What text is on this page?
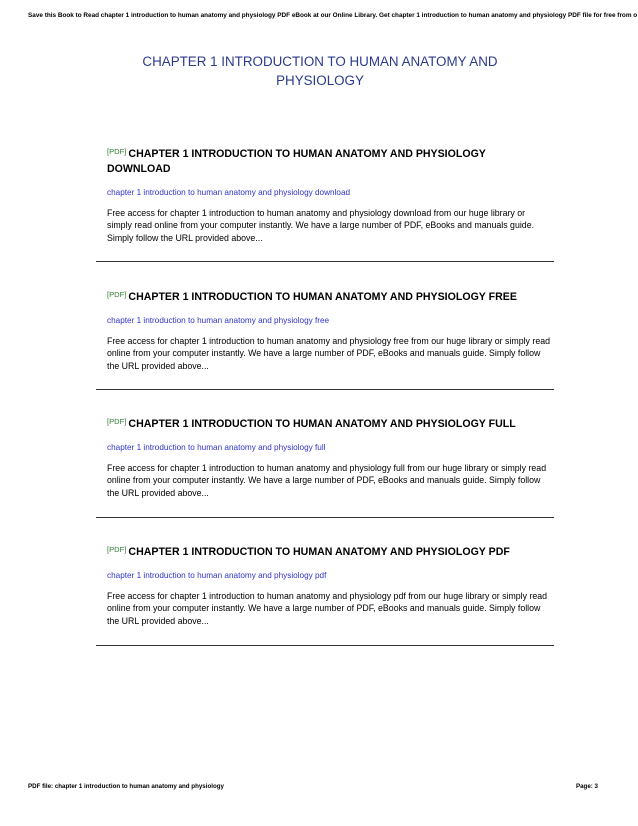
Save this Book to Read chapter 1 introduction to human anatomy and physiology PDF eBook at our Online Library. Get chapter 1 introduction to human anatomy and physiology PDF file for free from o
CHAPTER 1 INTRODUCTION TO HUMAN ANATOMY AND
PHYSIOLOGY
[PDF] CHAPTER 1 INTRODUCTION TO HUMAN ANATOMY AND PHYSIOLOGY DOWNLOAD
chapter 1 introduction to human anatomy and physiology download
Free access for chapter 1 introduction to human anatomy and physiology download from our huge library or simply read online from your computer instantly. We have a large number of PDF, eBooks and manuals guide. Simply follow the URL provided above...
[PDF] CHAPTER 1 INTRODUCTION TO HUMAN ANATOMY AND PHYSIOLOGY FREE
chapter 1 introduction to human anatomy and physiology free
Free access for chapter 1 introduction to human anatomy and physiology free from our huge library or simply read online from your computer instantly. We have a large number of PDF, eBooks and manuals guide. Simply follow the URL provided above...
[PDF] CHAPTER 1 INTRODUCTION TO HUMAN ANATOMY AND PHYSIOLOGY FULL
chapter 1 introduction to human anatomy and physiology full
Free access for chapter 1 introduction to human anatomy and physiology full from our huge library or simply read online from your computer instantly. We have a large number of PDF, eBooks and manuals guide. Simply follow the URL provided above...
[PDF] CHAPTER 1 INTRODUCTION TO HUMAN ANATOMY AND PHYSIOLOGY PDF
chapter 1 introduction to human anatomy and physiology pdf
Free access for chapter 1 introduction to human anatomy and physiology pdf from our huge library or simply read online from your computer instantly. We have a large number of PDF, eBooks and manuals guide. Simply follow the URL provided above...
PDF file: chapter 1 introduction to human anatomy and physiology	Page: 3
